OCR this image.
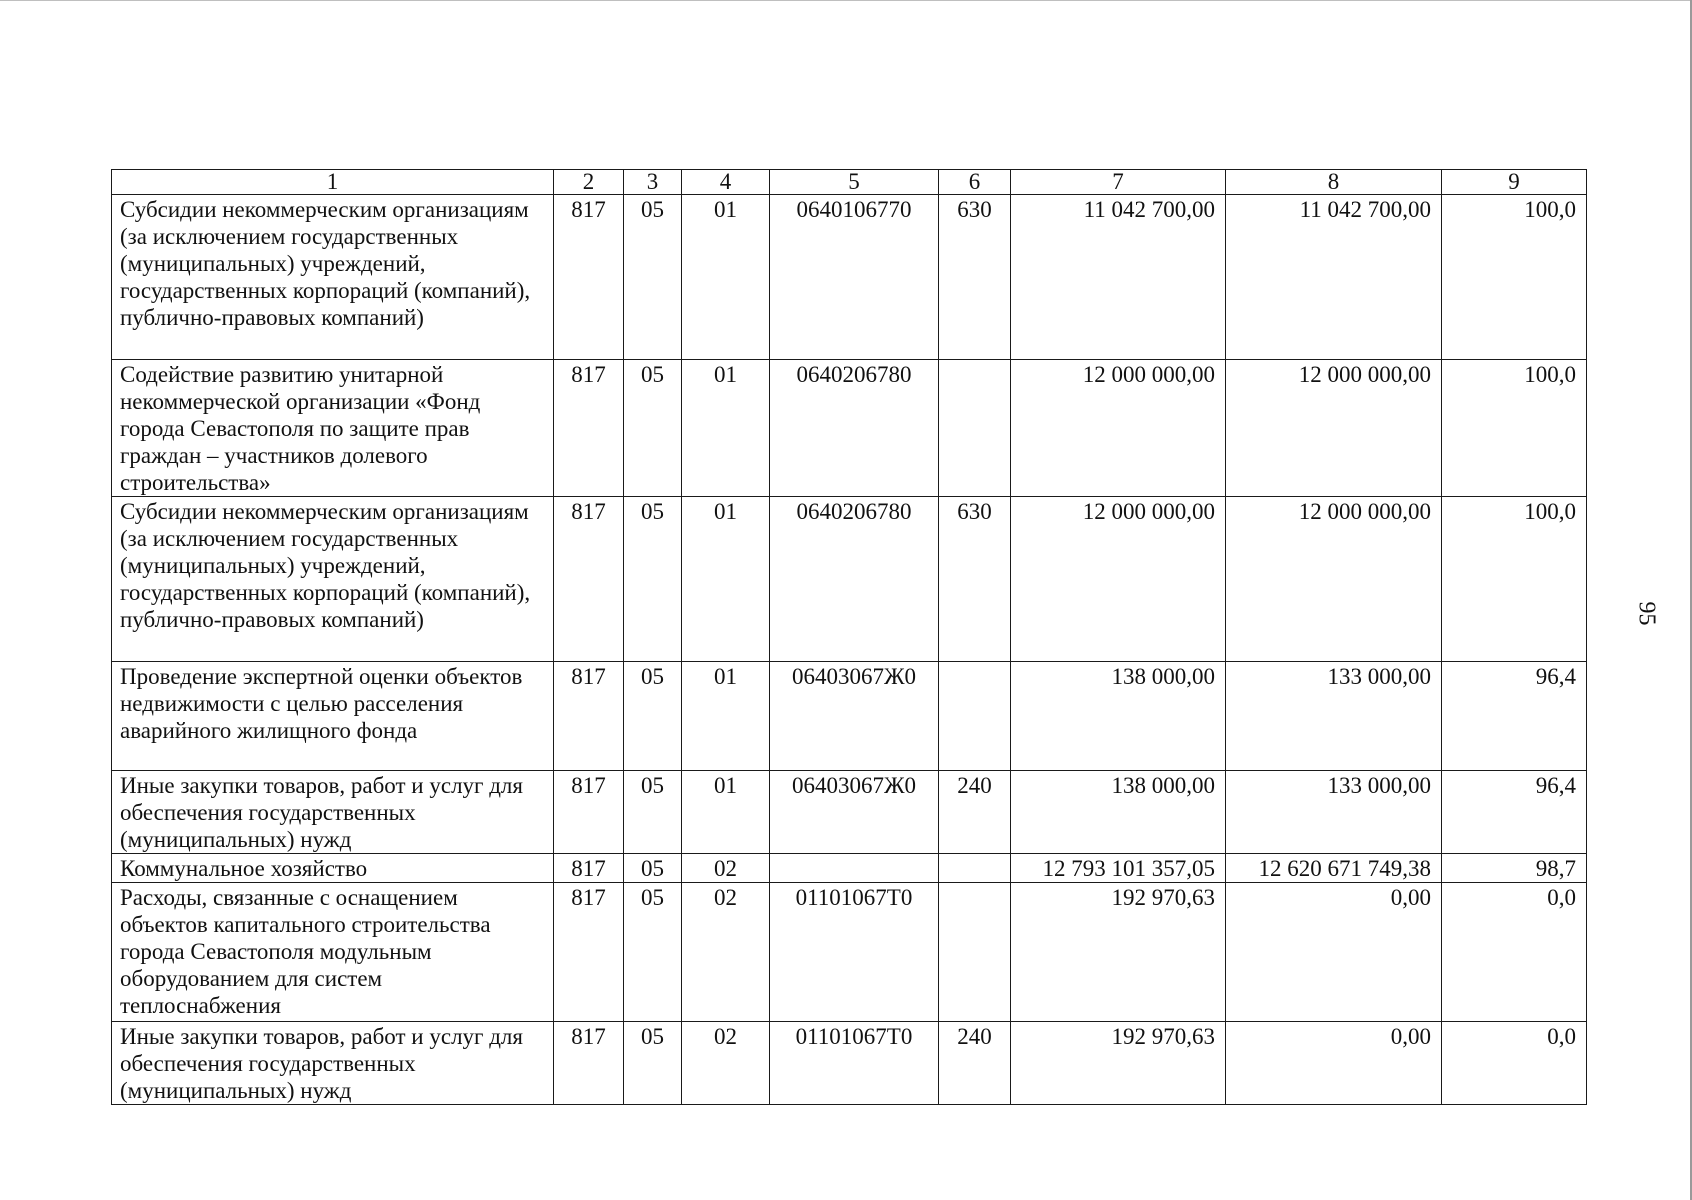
1	2	3	4	5	6	7	8	9
Субсидии некоммерческим организациям (за исключением государственных (муниципальных) учреждений, государственных корпораций (компаний), публично-правовых компаний)	817	05	01	0640106770	630	11 042 700,00	11 042 700,00	100,0
Содействие развитию унитарной некоммерческой организации «Фонд города Севастополя по защите прав граждан – участников долевого строительства»	817	05	01	0640206780		12 000 000,00	12 000 000,00	100,0
Субсидии некоммерческим организациям (за исключением государственных (муниципальных) учреждений, государственных корпораций (компаний), публично-правовых компаний)	817	05	01	0640206780	630	12 000 000,00	12 000 000,00	100,0
Проведение экспертной оценки объектов недвижимости с целью расселения аварийного жилищного фонда	817	05	01	06403067Ж0		138 000,00	133 000,00	96,4
Иные закупки товаров, работ и услуг для обеспечения государственных (муниципальных) нужд	817	05	01	06403067Ж0	240	138 000,00	133 000,00	96,4
Коммунальное хозяйство	817	05	02			12 793 101 357,05	12 620 671 749,38	98,7
Расходы, связанные с оснащением объектов капитального строительства города Севастополя модульным оборудованием для систем теплоснабжения	817	05	02	01101067Т0		192 970,63	0,00	0,0
Иные закупки товаров, работ и услуг для обеспечения государственных (муниципальных) нужд	817	05	02	01101067Т0	240	192 970,63	0,00	0,0
95
